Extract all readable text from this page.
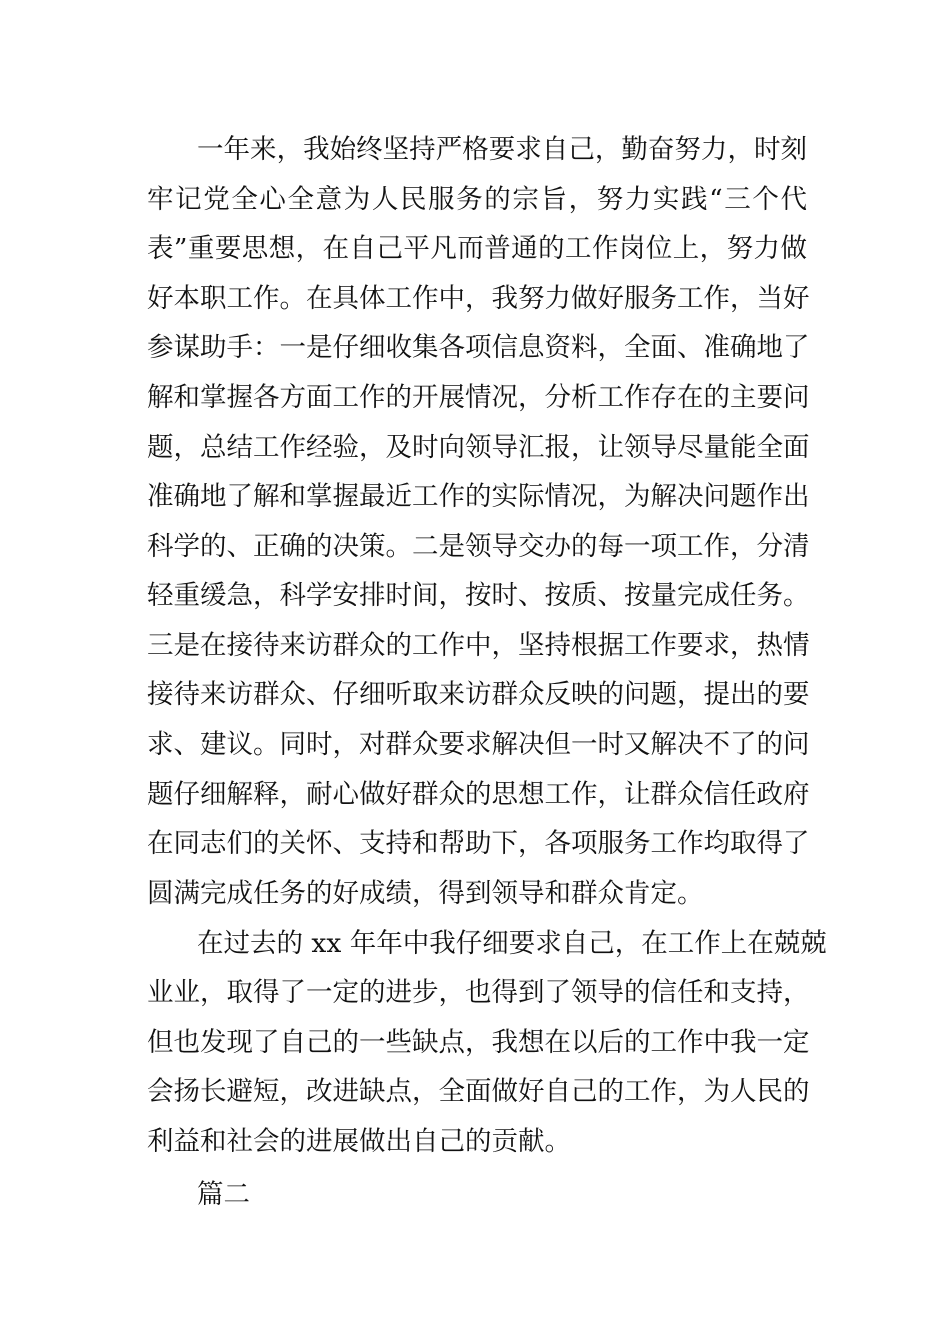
一年来，我始终坚持严格要求自己，勤奋努力，时刻
牢记党全心全意为人民服务的宗旨，努力实践“三个代
表”重要思想，在自己平凡而普通的工作岗位上，努力做
好本职工作。在具体工作中，我努力做好服务工作，当好
参谋助手：一是仔细收集各项信息资料，全面、准确地了
解和掌握各方面工作的开展情况，分析工作存在的主要问
题，总结工作经验，及时向领导汇报，让领导尽量能全面
准确地了解和掌握最近工作的实际情况，为解决问题作出
科学的、正确的决策。二是领导交办的每一项工作，分清
轻重缓急，科学安排时间，按时、按质、按量完成任务。
三是在接待来访群众的工作中，坚持根据工作要求，热情
接待来访群众、仔细听取来访群众反映的问题，提出的要
求、建议。同时，对群众要求解决但一时又解决不了的问
题仔细解释，耐心做好群众的思想工作，让群众信任政府
在同志们的关怀、支持和帮助下，各项服务工作均取得了
圆满完成任务的好成绩，得到领导和群众肯定。
在过去的 xx 年年中我仔细要求自己，在工作上在兢兢
业业，取得了一定的进步，也得到了领导的信任和支持，
但也发现了自己的一些缺点，我想在以后的工作中我一定
会扬长避短，改进缺点，全面做好自己的工作，为人民的
利益和社会的进展做出自己的贡献。
篇二
